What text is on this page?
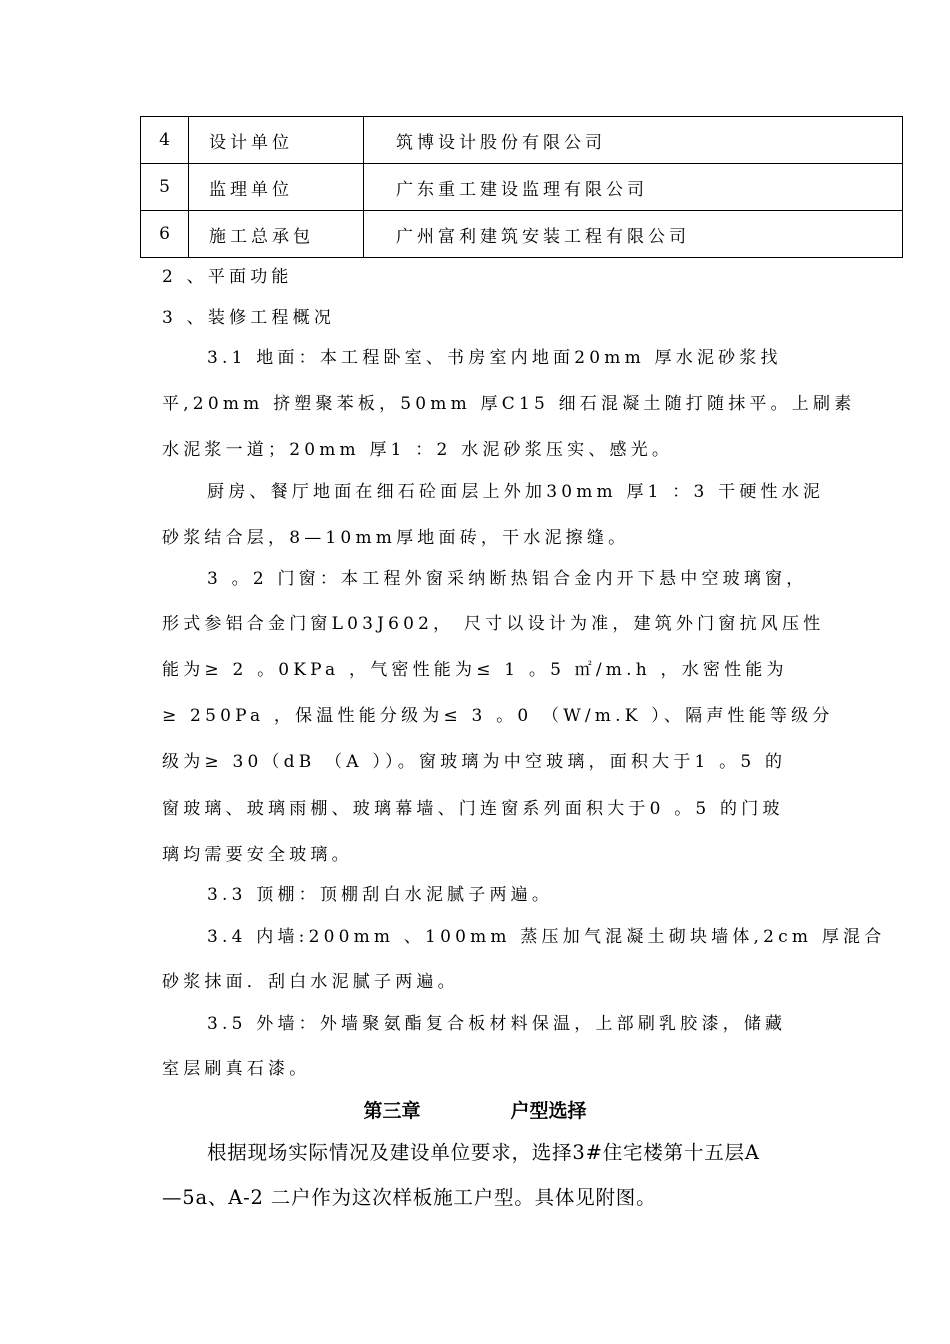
4	设计单位	筑博设计股份有限公司
5	监理单位	广东重工建设监理有限公司
6	施工总承包	广州富利建筑安装工程有限公司
2 、平面功能
3 、装修工程概况
3.1 地面：本工程卧室、书房室内地面20mm 厚水泥砂浆找
平,20mm 挤塑聚苯板，50mm 厚C15 细石混凝土随打随抹平。上刷素
水泥浆一道；20mm 厚1 ：2 水泥砂浆压实、感光。
厨房、餐厅地面在细石砼面层上外加30mm 厚1 ：3 干硬性水泥
砂浆结合层，8—10mm厚地面砖，干水泥擦缝。
3 。2 门窗：本工程外窗采纳断热铝合金内开下悬中空玻璃窗，
形式参铝合金门窗L03J602， 尺寸以设计为准，建筑外门窗抗风压性
能为≥ 2 。0KPa ，气密性能为≤ 1 。5 ㎡/m.h ，水密性能为
≥ 250Pa ，保温性能分级为≤ 3 。0 （W/m.K ）、隔声性能等级分
级为≥ 30（dB （A ））。窗玻璃为中空玻璃，面积大于1 。5 的
窗玻璃、玻璃雨棚、玻璃幕墙、门连窗系列面积大于0 。5 的门玻
璃均需要安全玻璃。
3.3 顶棚：顶棚刮白水泥腻子两遍。
3.4 内墙:200mm 、100mm 蒸压加气混凝土砌块墙体,2cm 厚混合
砂浆抹面．刮白水泥腻子两遍。
3.5 外墙：外墙聚氨酯复合板材料保温，上部刷乳胶漆，储藏
室层刷真石漆。
第三章	户型选择
根据现场实际情况及建设单位要求，选择3#住宅楼第十五层A
—5a、A-2 二户作为这次样板施工户型。具体见附图。
